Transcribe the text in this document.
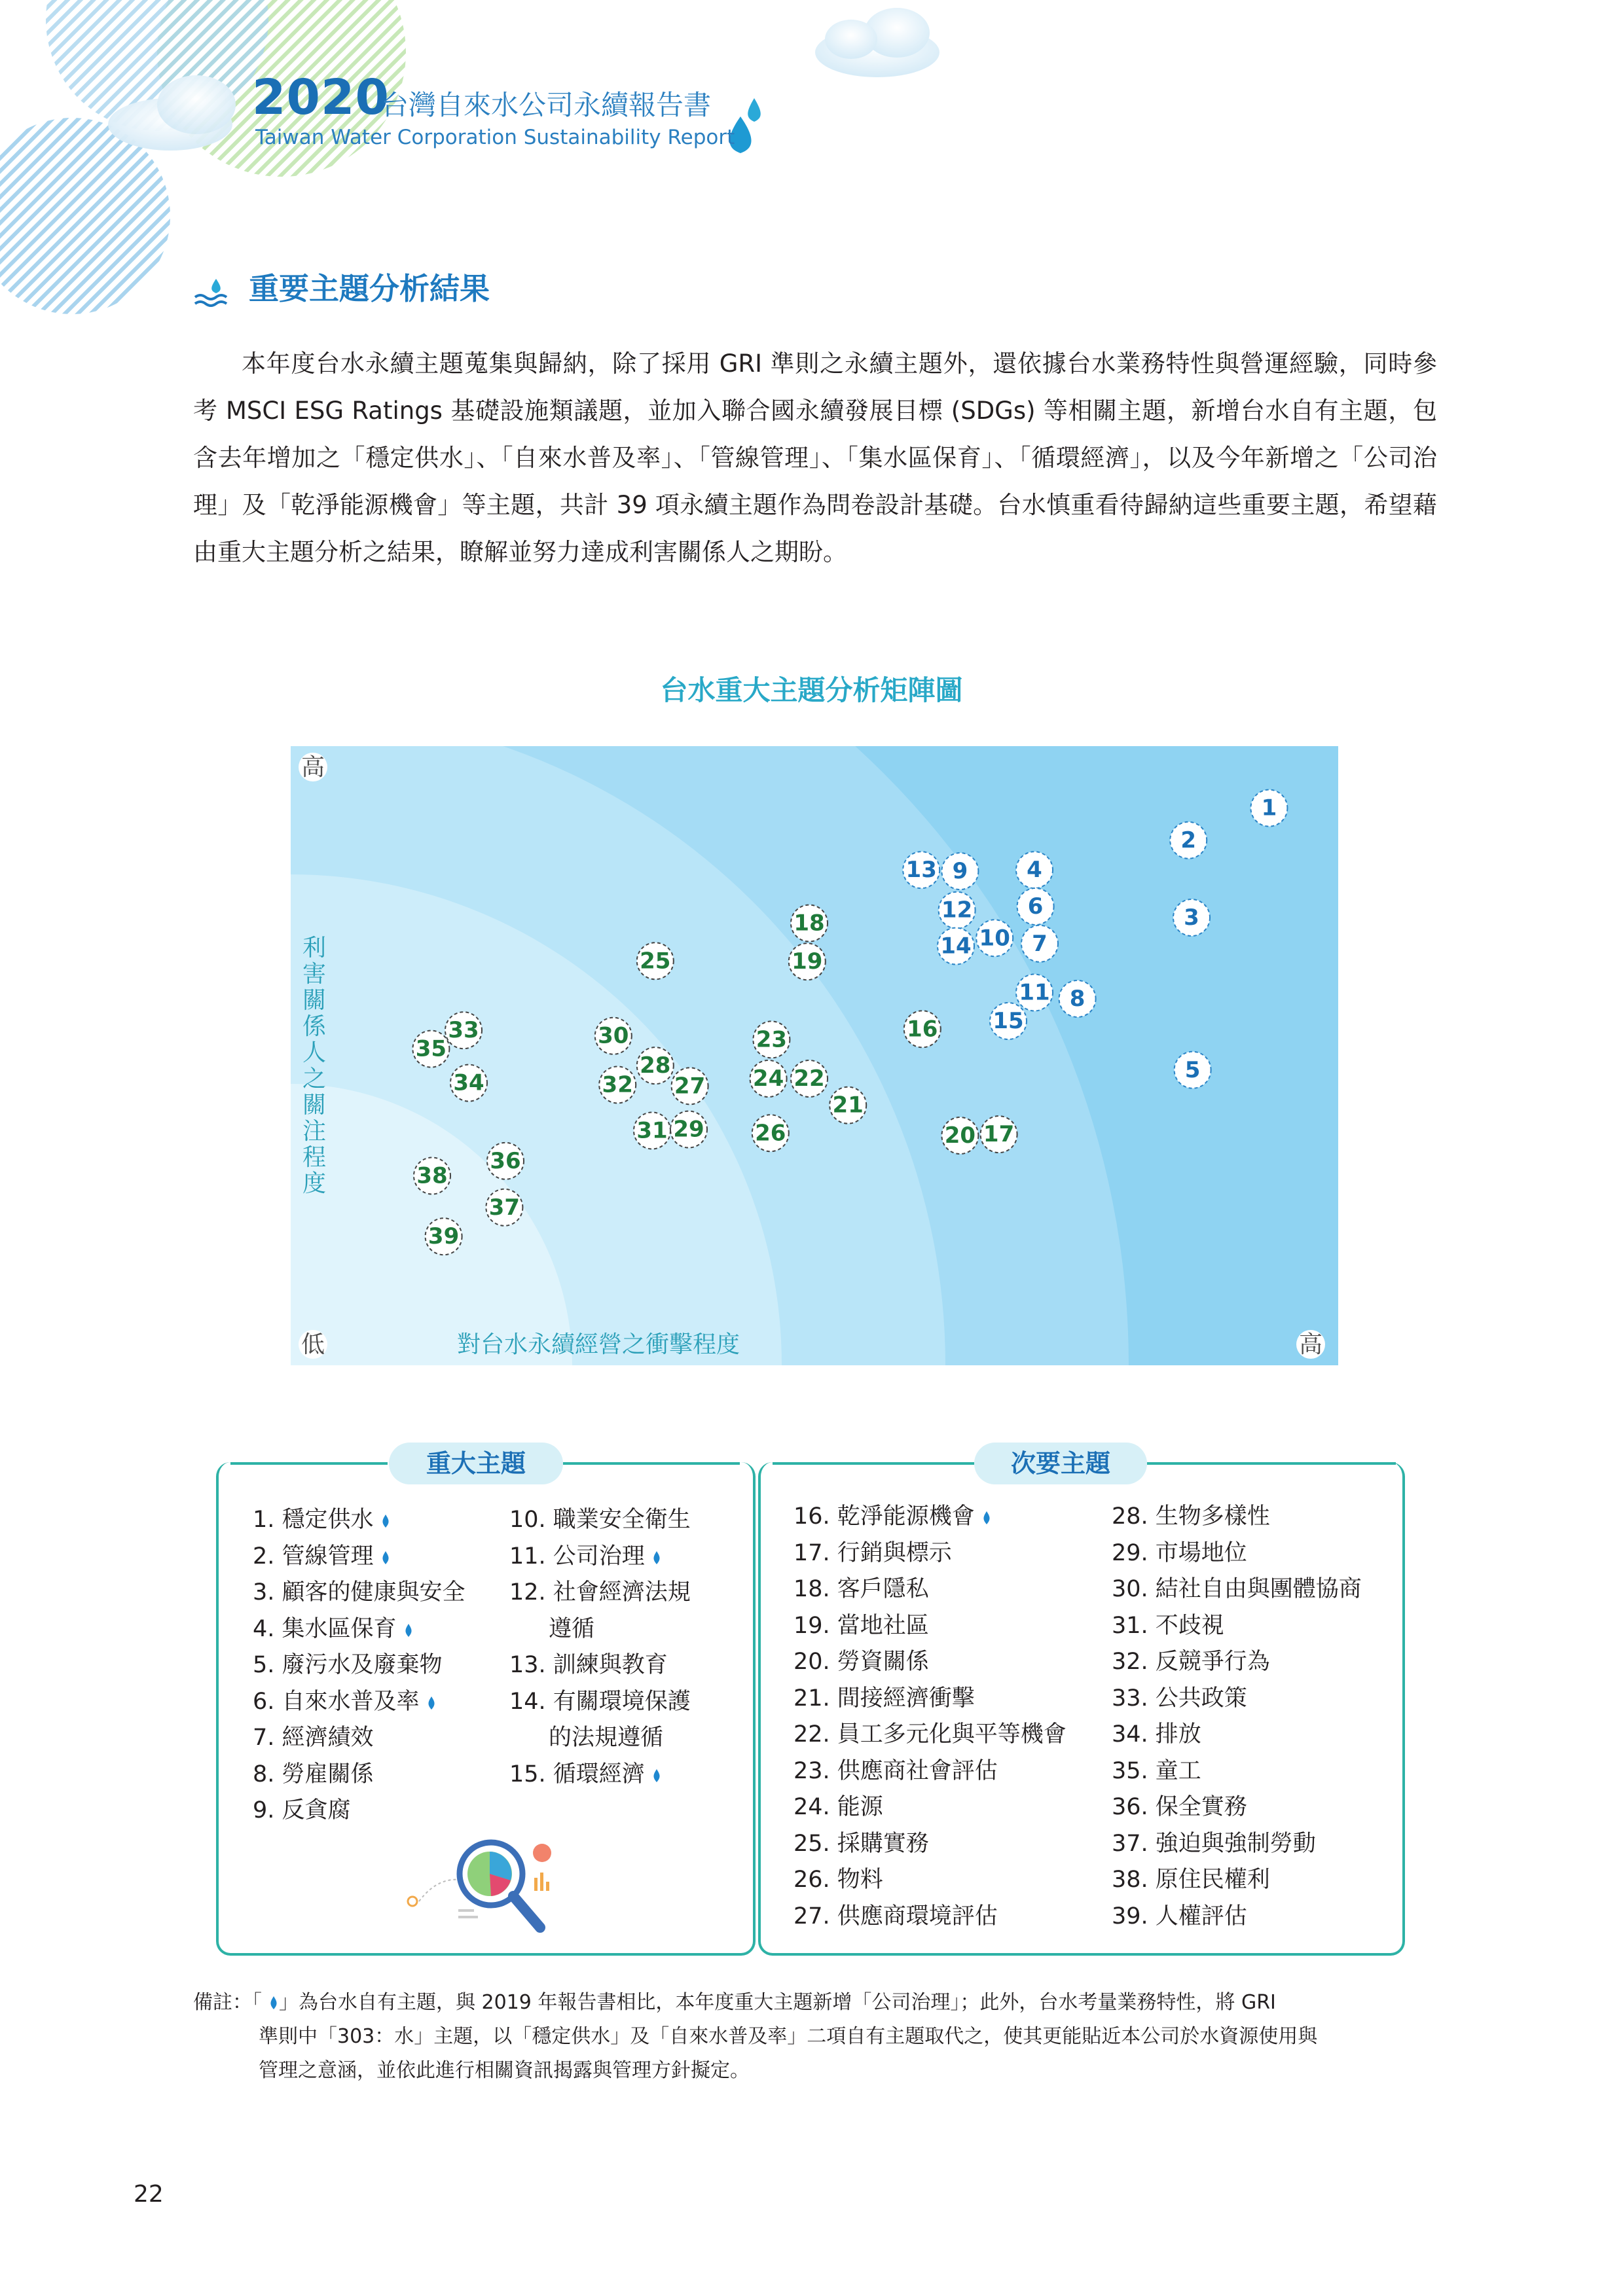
2020
台灣自來水公司永續報告書
Taiwan Water Corporation Sustainability Report
重要主題分析結果
本年度台水永續主題蒐集與歸納，除了採用 GRI 準則之永續主題外，還依據台水業務特性與營運經驗，同時參考 MSCI ESG Ratings 基礎設施類議題，並加入聯合國永續發展目標 (SDGs) 等相關主題，新增台水自有主題，包含去年增加之「穩定供水」、「自來水普及率」、「管線管理」、「集水區保育」、「循環經濟」，以及今年新增之「公司治理」及「乾淨能源機會」等主題，共計 39 項永續主題作為問卷設計基礎。台水慎重看待歸納這些重要主題，希望藉由重大主題分析之結果，瞭解並努力達成利害關係人之期盼。
台水重大主題分析矩陣圖
高
低	高
對台水永續經營之衝擊程度
利害關係人之關注程度
1
2
3
4
5
6
7
8
9
10
11
12
13
14
15
16
17
18
19
20
21
22
23
24
25
26
27
28
29
30
31
32
33
34
35
36
37
38
39
重大主題
1. 穩定供水
2. 管線管理
3. 顧客的健康與安全
4. 集水區保育
5. 廢污水及廢棄物
6. 自來水普及率
7. 經濟績效
8. 勞雇關係
9. 反貪腐
10. 職業安全衛生
11. 公司治理
12. 社會經濟法規
遵循
13. 訓練與教育
14. 有關環境保護
的法規遵循
15. 循環經濟
次要主題
16. 乾淨能源機會
17. 行銷與標示
18. 客戶隱私
19. 當地社區
20. 勞資關係
21. 間接經濟衝擊
22. 員工多元化與平等機會
23. 供應商社會評估
24. 能源
25. 採購實務
26. 物料
27. 供應商環境評估
28. 生物多樣性
29. 市場地位
30. 結社自由與團體協商
31. 不歧視
32. 反競爭行為
33. 公共政策
34. 排放
35. 童工
36. 保全實務
37. 強迫與強制勞動
38. 原住民權利
39. 人權評估
備註：「 」為台水自有主題，與 2019 年報告書相比，本年度重大主題新增「公司治理」；此外，台水考量業務特性，將 GRI
準則中「303：水」主題，以「穩定供水」及「自來水普及率」二項自有主題取代之，使其更能貼近本公司於水資源使用與
管理之意涵，並依此進行相關資訊揭露與管理方針擬定。
22
